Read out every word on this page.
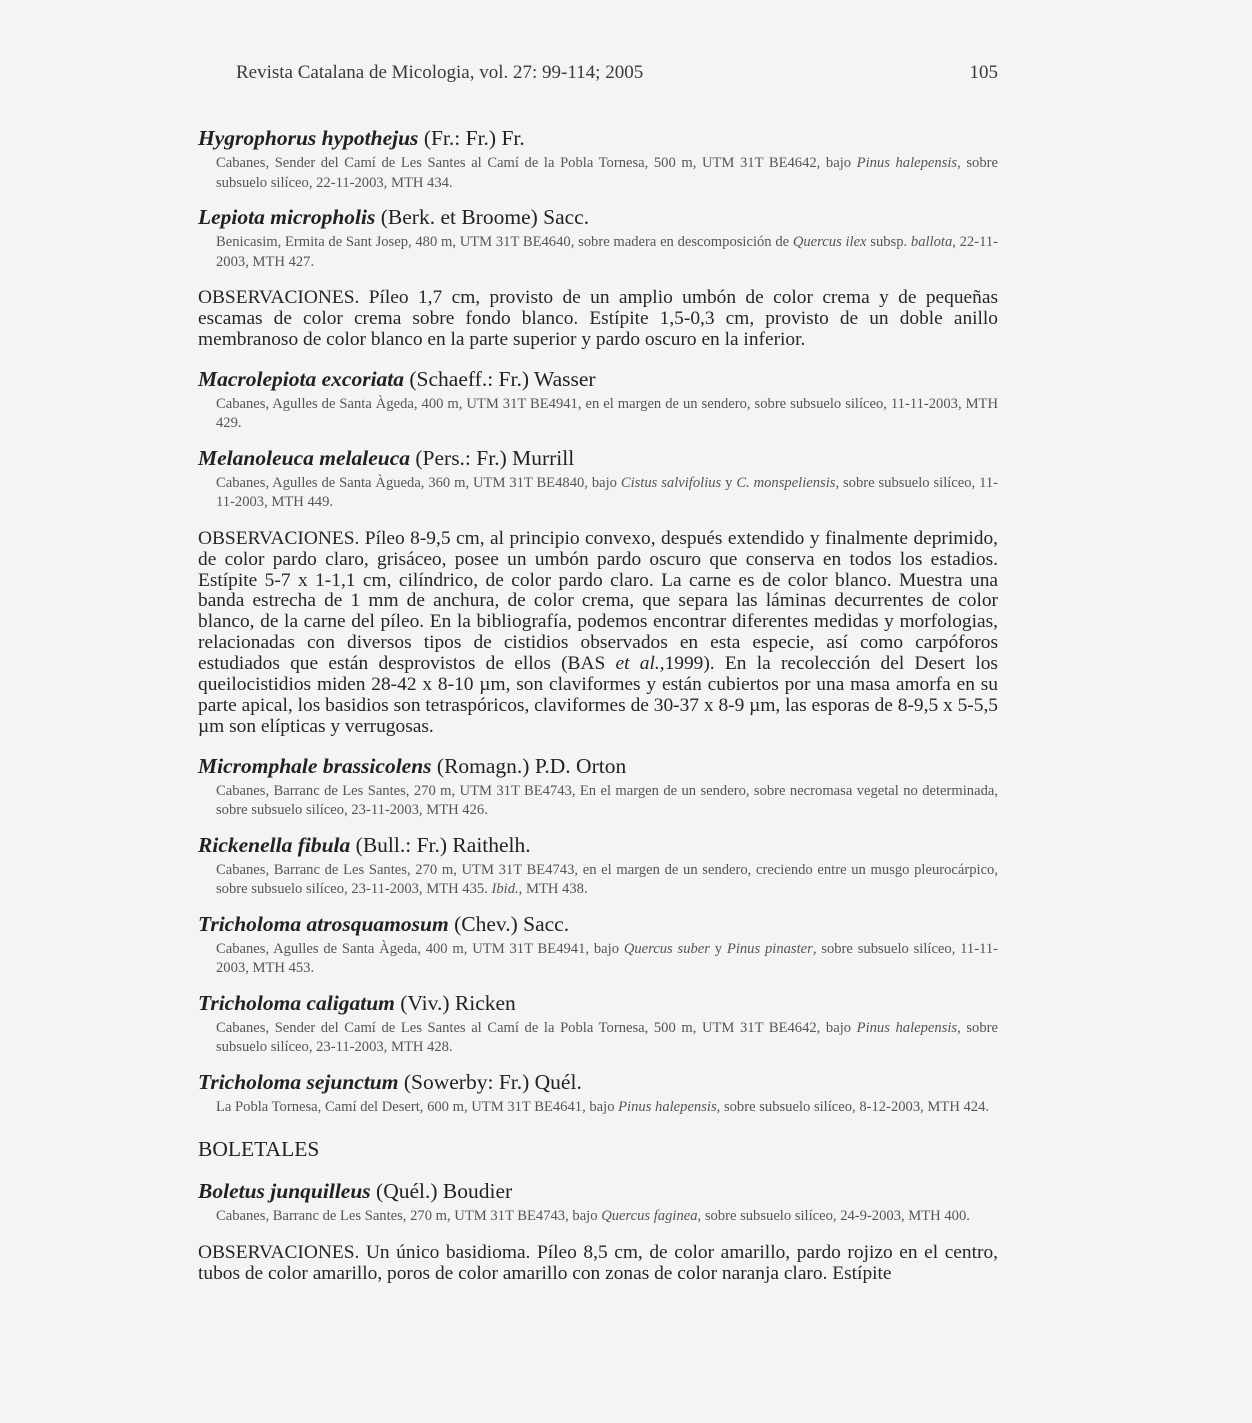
Revista Catalana de Micologia, vol. 27: 99-114; 2005	105
Hygrophorus hypothejus (Fr.: Fr.) Fr.
Cabanes, Sender del Camí de Les Santes al Camí de la Pobla Tornesa, 500 m, UTM 31T BE4642, bajo Pinus halepensis, sobre subsuelo silíceo, 22-11-2003, MTH 434.
Lepiota micropholis (Berk. et Broome) Sacc.
Benicasim, Ermita de Sant Josep, 480 m, UTM 31T BE4640, sobre madera en descomposición de Quercus ilex subsp. ballota, 22-11-2003, MTH 427.
OBSERVACIONES. Píleo 1,7 cm, provisto de un amplio umbón de color crema y de pequeñas escamas de color crema sobre fondo blanco. Estípite 1,5-0,3 cm, provisto de un doble anillo membranoso de color blanco en la parte superior y pardo oscuro en la inferior.
Macrolepiota excoriata (Schaeff.: Fr.) Wasser
Cabanes, Agulles de Santa Àgeda, 400 m, UTM 31T BE4941, en el margen de un sendero, sobre subsuelo silíceo, 11-11-2003, MTH 429.
Melanoleuca melaleuca (Pers.: Fr.) Murrill
Cabanes, Agulles de Santa Àgueda, 360 m, UTM 31T BE4840, bajo Cistus salvifolius y C. monspeliensis, sobre subsuelo silíceo, 11-11-2003, MTH 449.
OBSERVACIONES. Píleo 8-9,5 cm, al principio convexo, después extendido y finalmente deprimido, de color pardo claro, grisáceo, posee un umbón pardo oscuro que conserva en todos los estadios. Estípite 5-7 x 1-1,1 cm, cilíndrico, de color pardo claro. La carne es de color blanco. Muestra una banda estrecha de 1 mm de anchura, de color crema, que separa las láminas decurrentes de color blanco, de la carne del píleo. En la bibliografía, podemos encontrar diferentes medidas y morfologias, relacionadas con diversos tipos de cistidios observados en esta especie, así como carpóforos estudiados que están desprovistos de ellos (BAS et al.,1999). En la recolección del Desert los queilocistidios miden 28-42 x 8-10 µm, son claviformes y están cubiertos por una masa amorfa en su parte apical, los basidios son tetraspóricos, claviformes de 30-37 x 8-9 µm, las esporas de 8-9,5 x 5-5,5 µm son elípticas y verrugosas.
Micromphale brassicolens (Romagn.) P.D. Orton
Cabanes, Barranc de Les Santes, 270 m, UTM 31T BE4743, En el margen de un sendero, sobre necromasa vegetal no determinada, sobre subsuelo silíceo, 23-11-2003, MTH 426.
Rickenella fibula (Bull.: Fr.) Raithelh.
Cabanes, Barranc de Les Santes, 270 m, UTM 31T BE4743, en el margen de un sendero, creciendo entre un musgo pleurocárpico, sobre subsuelo silíceo, 23-11-2003, MTH 435. Ibid., MTH 438.
Tricholoma atrosquamosum (Chev.) Sacc.
Cabanes, Agulles de Santa Àgeda, 400 m, UTM 31T BE4941, bajo Quercus suber y Pinus pinaster, sobre subsuelo silíceo, 11-11-2003, MTH 453.
Tricholoma caligatum (Viv.) Ricken
Cabanes, Sender del Camí de Les Santes al Camí de la Pobla Tornesa, 500 m, UTM 31T BE4642, bajo Pinus halepensis, sobre subsuelo silíceo, 23-11-2003, MTH 428.
Tricholoma sejunctum (Sowerby: Fr.) Quél.
La Pobla Tornesa, Camí del Desert, 600 m, UTM 31T BE4641, bajo Pinus halepensis, sobre subsuelo silíceo, 8-12-2003, MTH 424.
BOLETALES
Boletus junquilleus (Quél.) Boudier
Cabanes, Barranc de Les Santes, 270 m, UTM 31T BE4743, bajo Quercus faginea, sobre subsuelo silíceo, 24-9-2003, MTH 400.
OBSERVACIONES. Un único basidioma. Píleo 8,5 cm, de color amarillo, pardo rojizo en el centro, tubos de color amarillo, poros de color amarillo con zonas de color naranja claro. Estípite
